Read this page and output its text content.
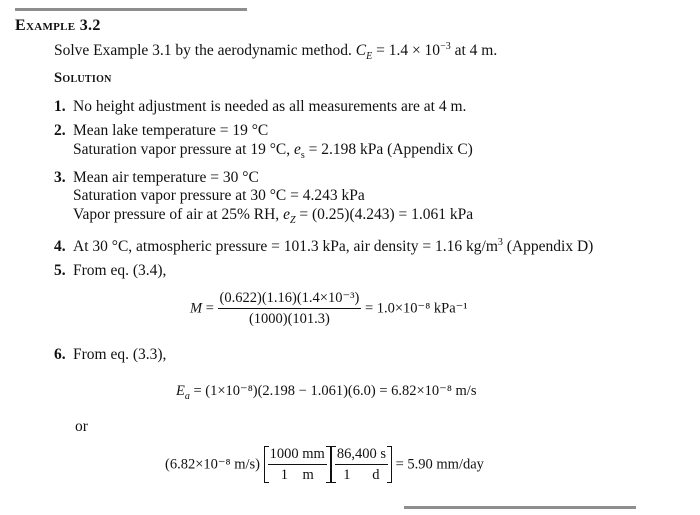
Example 3.2
Solve Example 3.1 by the aerodynamic method. $C_E = 1.4 \times 10^{-3}$ at 4 m.
Solution
1. No height adjustment is needed as all measurements are at 4 m.
2. Mean lake temperature = 19 °C
Saturation vapor pressure at 19 °C, $e_s = 2.198$ kPa (Appendix C)
3. Mean air temperature = 30 °C
Saturation vapor pressure at 30 °C = 4.243 kPa
Vapor pressure of air at 25% RH, $e_Z = (0.25)(4.243) = 1.061$ kPa
4. At 30 °C, atmospheric pressure = 101.3 kPa, air density = 1.16 $kg/m^3$ (Appendix D)
5. From eq. (3.4),
$M = \frac{\text{(0.622)(1.16)(1.4×10⁻³)}}{(1000)(101.3)} = 1.0\times 10^{-8}$ kPa⁻¹
6. From eq. (3.3),
$E_a = (1\times 10^{-8})(2.198 - 1.061)(6.0) = 6.82\times 10^{-8}$ m/s
or
(6.82×10⁻⁸ $m/s) \frac{1000 mm}{1 m} \frac{86,400 s}{1 d} = 5.90$ mm/day
